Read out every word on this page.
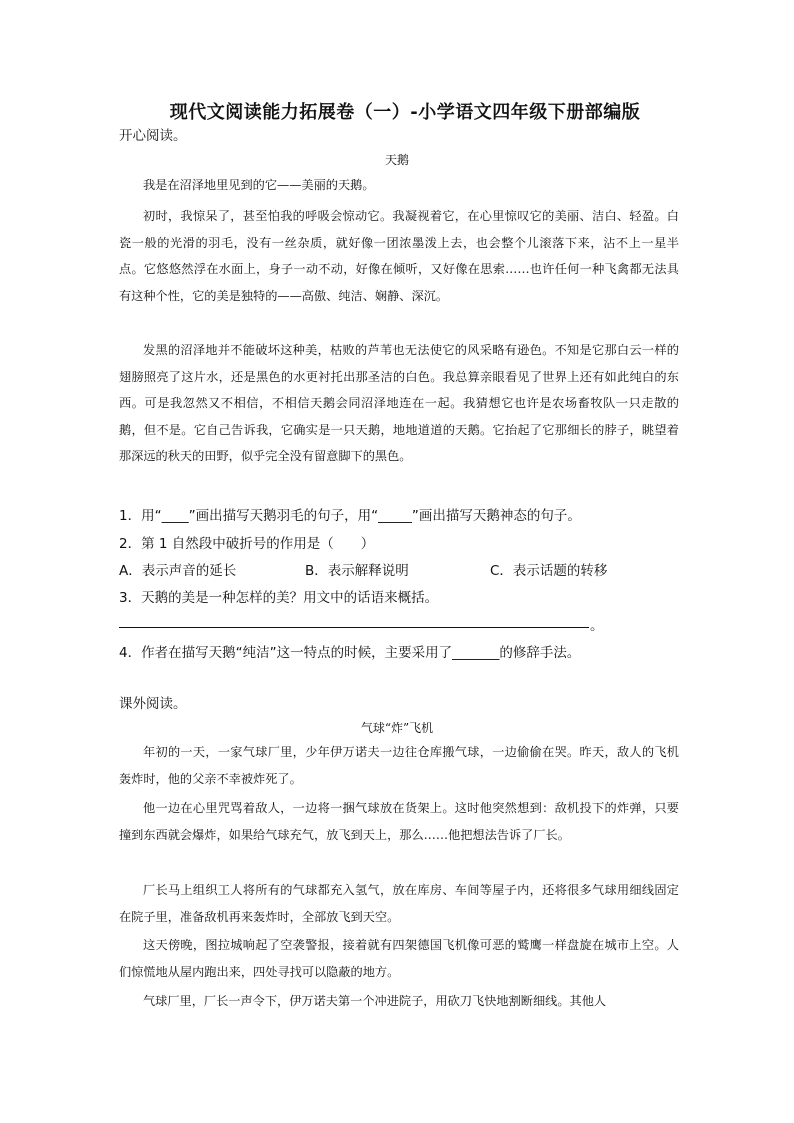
现代文阅读能力拓展卷（一）-小学语文四年级下册部编版
开心阅读。
天鹅

我是在沼泽地里见到的它——美丽的天鹅。

初时，我惊呆了，甚至怕我的呼吸会惊动它。我凝视着它，在心里惊叹它的美丽、洁白、轻盈。白瓷一般的光滑的羽毛，没有一丝杂质，就好像一团浓墨泼上去，也会整个儿滚落下来，沾不上一星半点。它悠悠然浮在水面上，身子一动不动，好像在倾听，又好像在思索……也许任何一种飞禽都无法具有这种个性，它的美是独特的——高傲、纯洁、娴静、深沉。

发黑的沼泽地并不能破坏这种美，枯败的芦苇也无法使它的风采略有逊色。不知是它那白云一样的翅膀照亮了这片水，还是黑色的水更衬托出那圣洁的白色。我总算亲眼看见了世界上还有如此纯白的东西。可是我忽然又不相信，不相信天鹅会同沼泽地连在一起。我猜想它也许是农场畜牧队一只走散的鹅，但不是。它自己告诉我，它确实是一只天鹅，地地道道的天鹅。它抬起了它那细长的脖子，眺望着那深远的秋天的田野，似乎完全没有留意脚下的黑色。

1．用“____”画出描写天鹅羽毛的句子，用“_____”画出描写天鹅神态的句子。
2．第 1 自然段中破折号的作用是（　　）
A．表示声音的延长	B．表示解释说明	C．表示话题的转移
3．天鹅的美是一种怎样的美？用文中的话语来概括。
。
4．作者在描写天鹅“纯洁”这一特点的时候，主要采用了_______的修辞手法。
课外阅读。
气球“炸”飞机

年初的一天，一家气球厂里，少年伊万诺夫一边往仓库搬气球，一边偷偷在哭。昨天，敌人的飞机轰炸时，他的父亲不幸被炸死了。

他一边在心里咒骂着敌人，一边将一捆气球放在货架上。这时他突然想到：敌机投下的炸弹，只要撞到东西就会爆炸，如果给气球充气，放飞到天上，那么……他把想法告诉了厂长。

厂长马上组织工人将所有的气球都充入氢气，放在库房、车间等屋子内，还将很多气球用细线固定在院子里，准备敌机再来轰炸时，全部放飞到天空。

这天傍晚，图拉城响起了空袭警报，接着就有四架德国飞机像可恶的鹫鹰一样盘旋在城市上空。人们惊慌地从屋内跑出来，四处寻找可以隐蔽的地方。

气球厂里，厂长一声令下，伊万诺夫第一个冲进院子，用砍刀飞快地割断细线。其他人
